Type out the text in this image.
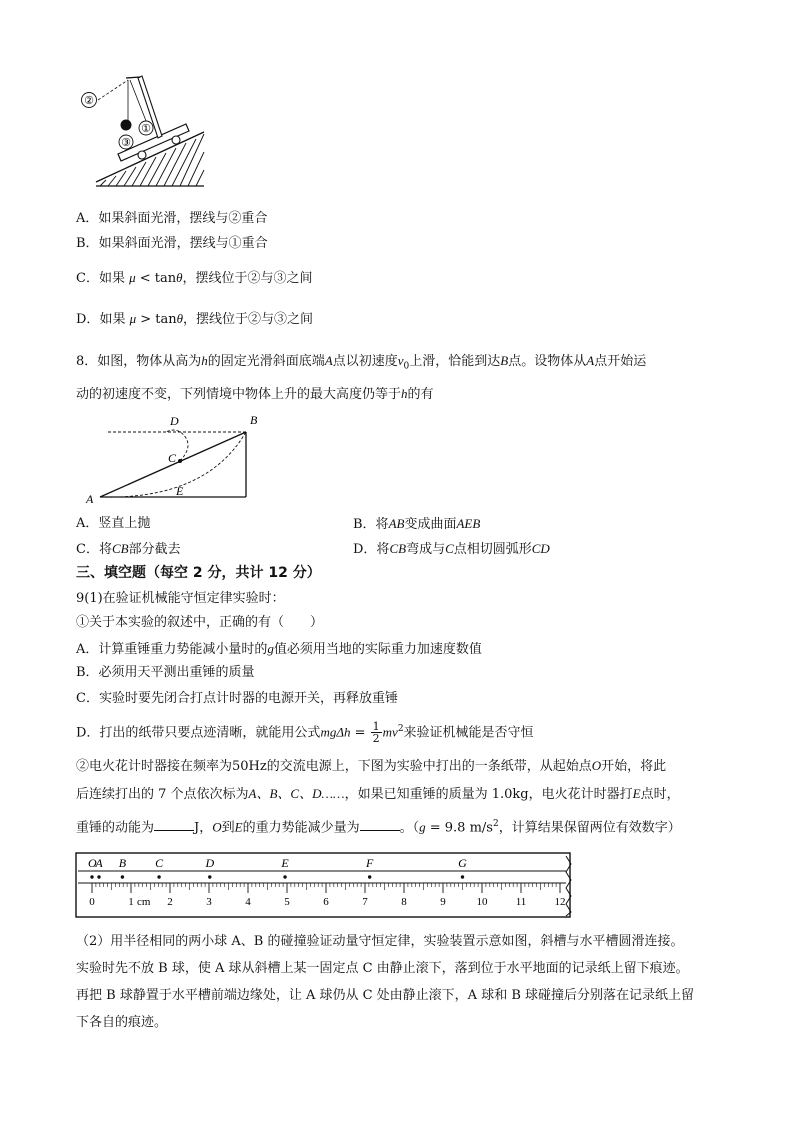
②
①
③
A．如果斜面光滑，摆线与②重合
B．如果斜面光滑，摆线与①重合
C．如果 μ < tanθ，摆线位于②与③之间
D．如果 μ > tanθ，摆线位于②与③之间
8．如图，物体从高为h的固定光滑斜面底端A点以初速度$v_0$上滑，恰能到达B点。设物体从A点开始运
动的初速度不变，下列情境中物体上升的最大高度仍等于h的有
A
B
C
D
E
A．竖直上抛	B．将AB变成曲面AEB
C．将CB部分截去	D．将CB弯成与C点相切圆弧形CD
三、填空题（每空 2 分，共计 12 分）
9(1)在验证机械能守恒定律实验时：
①关于本实验的叙述中，正确的有（　　）
A．计算重锤重力势能减小量时的g值必须用当地的实际重力加速度数值
B．必须用天平测出重锤的质量
C．实验时要先闭合打点计时器的电源开关，再释放重锤
D．打出的纸带只要点迹清晰，就能用公式$mg\Delta h = \frac{1}{2} mv^2$来验证机械能是否守恒
②电火花计时器接在频率为50Hz的交流电源上，下图为实验中打出的一条纸带，从起始点O开始，将此
后连续打出的 7 个点依次标为A、B、C、D……，如果已知重锤的质量为 1.0kg，电火花计时器打E点时，
重锤的动能为	J，O到E的重力势能减少量为	。（g = 9.8 $m/s^2$，计算结果保留两位有效数字）
0	1	2	3	4	5	6	7	8	9	10	11	12
cm
O
A B C	D	E	F	G
（2）用半径相同的两小球 A、B 的碰撞验证动量守恒定律，实验装置示意如图，斜槽与水平槽圆滑连接。
实验时先不放 B 球，使 A 球从斜槽上某一固定点 C 由静止滚下，落到位于水平地面的记录纸上留下痕迹。
再把 B 球静置于水平槽前端边缘处，让 A 球仍从 C 处由静止滚下，A 球和 B 球碰撞后分别落在记录纸上留
下各自的痕迹。
